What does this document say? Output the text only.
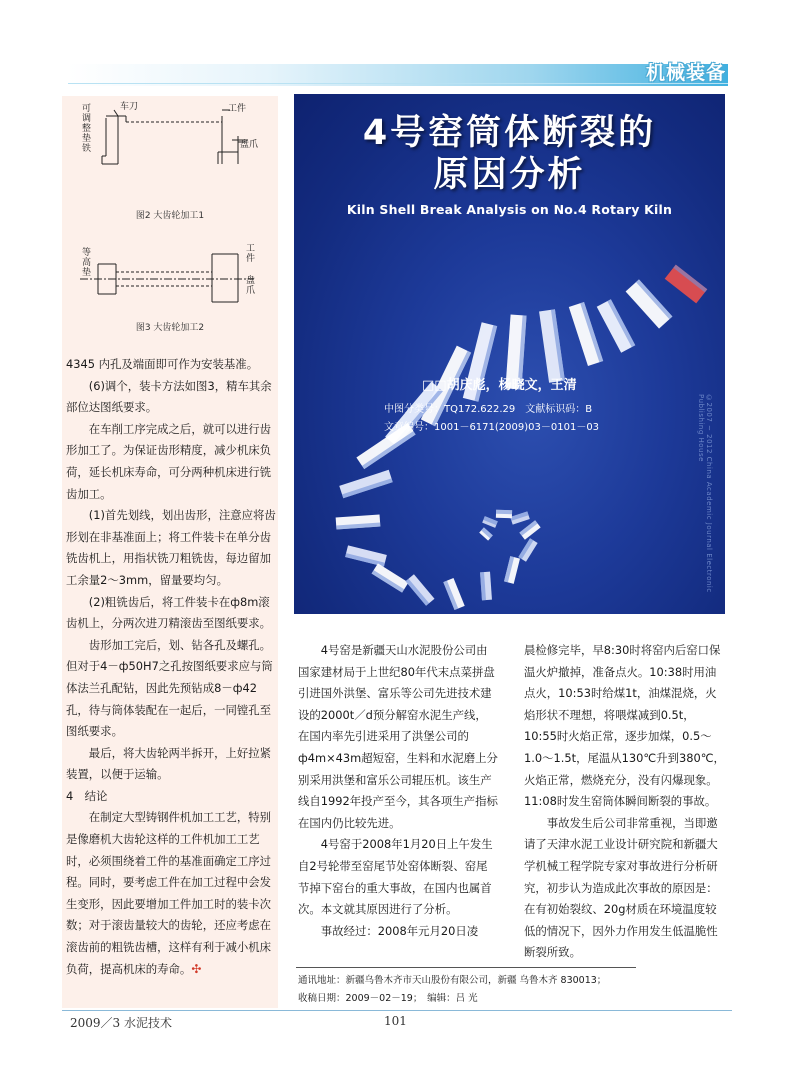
机械装备
可调整垫铁
车刀	工件
盘爪
图2 大齿轮加工1
等高垫
工件
盘爪
图3 大齿轮加工2

4345 内孔及端面即可作为安装基准。

(6)调个，装卡方法如图3，精车其余部位达图纸要求。

在车削工序完成之后，就可以进行齿形加工了。为保证齿形精度，减少机床负荷，延长机床寿命，可分两种机床进行铣齿加工。

(1)首先划线，划出齿形，注意应将齿形划在非基准面上；将工件装卡在单分齿铣齿机上，用指状铣刀粗铣齿，每边留加工余量2～3mm，留量要均匀。

(2)粗铣齿后，将工件装卡在ф8m滚齿机上，分两次进刀精滚齿至图纸要求。

齿形加工完后，划、钻各孔及螺孔。但对于4－ф50H7之孔按图纸要求应与筒体法兰孔配钻，因此先预钻成8－ф42孔，待与筒体装配在一起后，一同镗孔至图纸要求。

最后，将大齿轮两半拆开，上好拉紧装置，以便于运输。

4　结论

在制定大型铸钢件机加工工艺，特别是像磨机大齿轮这样的工件机加工工艺时，必须围绕着工件的基准面确定工序过程。同时，要考虑工件在加工过程中会发生变形，因此要增加工件加工时的装卡次数；对于滚齿量较大的齿轮，还应考虑在滚齿前的粗铣齿槽，这样有利于减小机床负荷，提高机床的寿命。✣

4号窑筒体断裂的
原因分析
Kiln Shell Break Analysis on No.4 Rotary Kiln
□□胡庆彪，杨晓文，王清
中图分类号：TQ172.622.29　文献标识码：B
文章编号：1001－6171(2009)03－0101－03	©2007 ~ 2012 China Academic Journal Electronic Publishing House

4号窑是新疆天山水泥股份公司由国家建材局于上世纪80年代末点菜拼盘引进国外洪堡、富乐等公司先进技术建设的2000t／d预分解窑水泥生产线，在国内率先引进采用了洪堡公司的ф4m×43m超短窑，生料和水泥磨上分别采用洪堡和富乐公司辊压机。该生产线自1992年投产至今，其各项生产指标在国内仍比较先进。

4号窑于2008年1月20日上午发生自2号轮带至窑尾节处窑体断裂、窑尾节掉下窑台的重大事故，在国内也属首次。本文就其原因进行了分析。

事故经过：2008年元月20日凌

晨检修完毕，早8:30时将窑内后窑口保温火炉撤掉，准备点火。10:38时用油点火，10:53时给煤1t，油煤混烧，火焰形状不理想，将喂煤减到0.5t，10:55时火焰正常，逐步加煤，0.5～1.0～1.5t，尾温从130℃升到380℃，火焰正常，燃烧充分，没有闪爆现象。11:08时发生窑筒体瞬间断裂的事故。

事故发生后公司非常重视，当即邀请了天津水泥工业设计研究院和新疆大学机械工程学院专家对事故进行分析研究，初步认为造成此次事故的原因是：在有初始裂纹、20g材质在环境温度较低的情况下，因外力作用发生低温脆性断裂所致。

通讯地址：新疆乌鲁木齐市天山股份有限公司，新疆 乌鲁木齐 830013；
收稿日期：2009－02－19；　编辑：吕 光
2009／3 水泥技术	101
